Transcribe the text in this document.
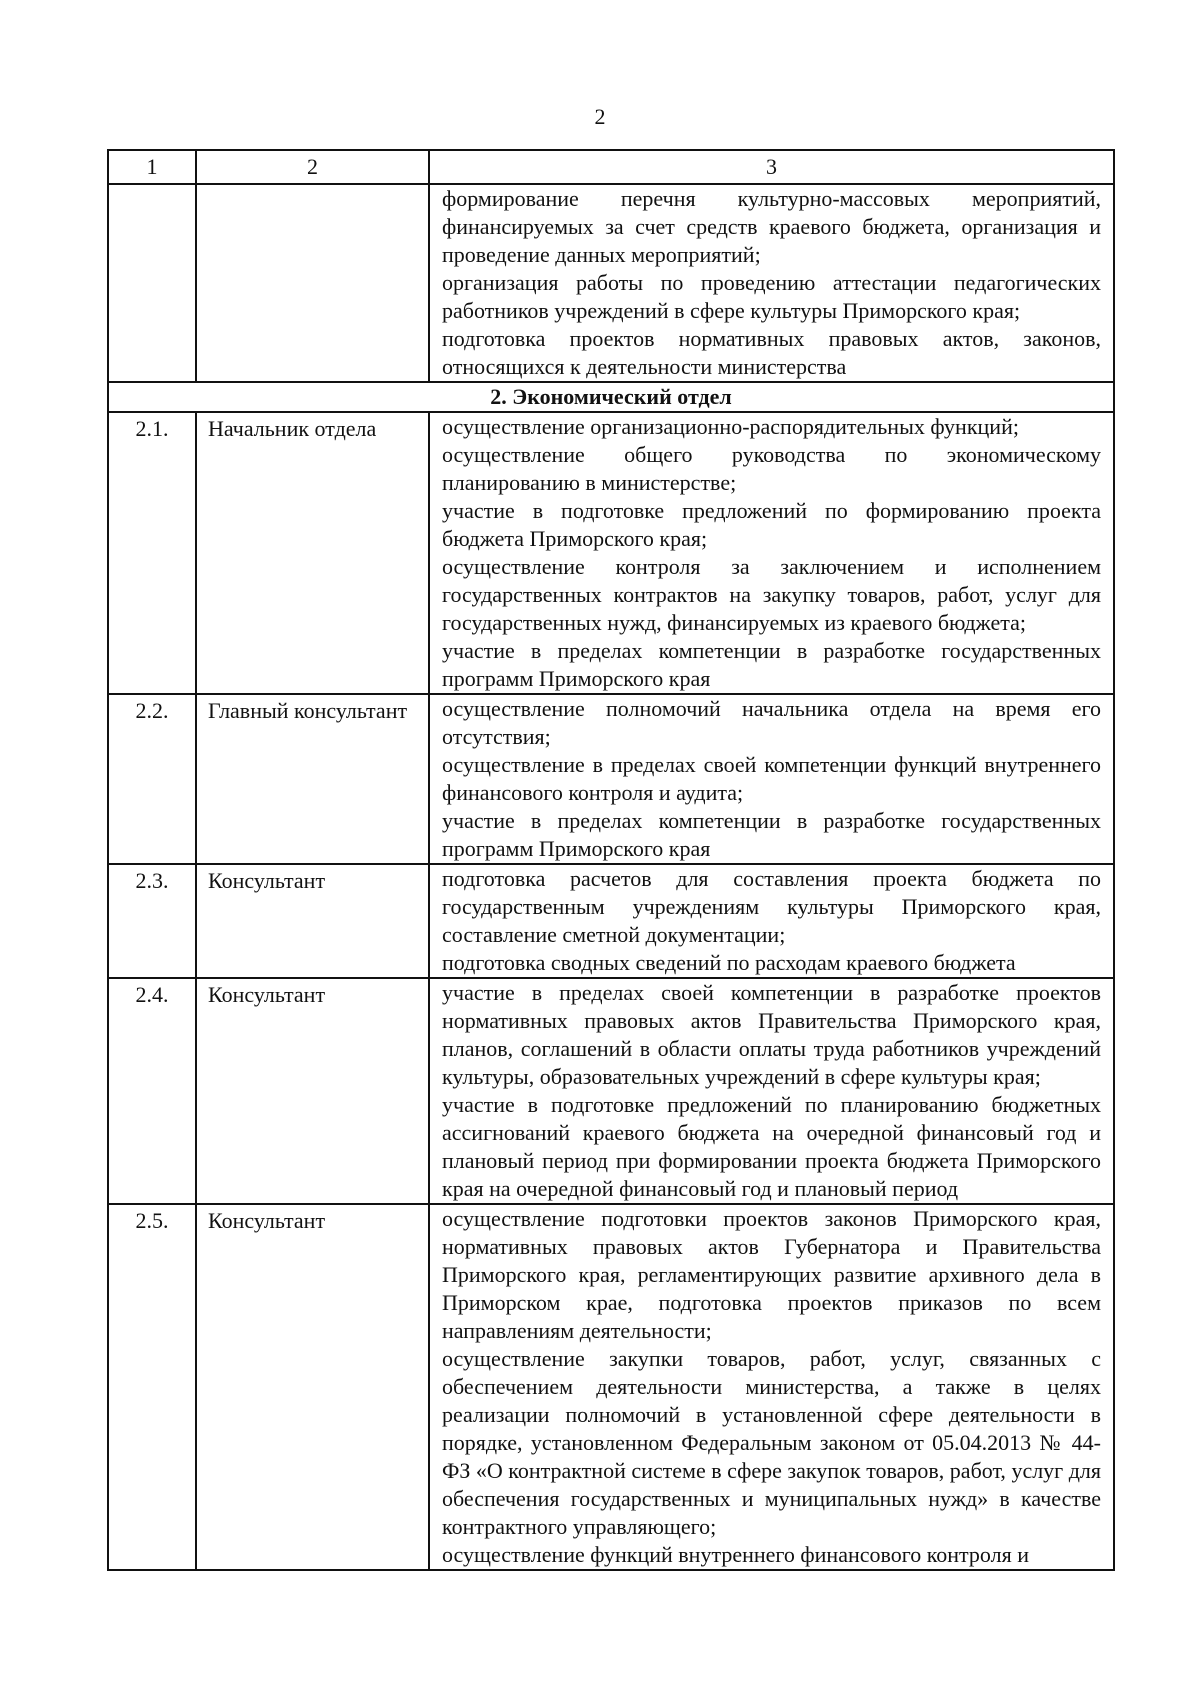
2
1	2	3

		формирование перечня культурно-массовых мероприятий, финансируемых за счет средств краевого бюджета, организация и проведение данных мероприятий;

организация работы по проведению аттестации педагогических работников учреждений в сфере культуры Приморского края;

подготовка проектов нормативных правовых актов, законов, относящихся к деятельности министерства

2. Экономический отдел		
2.1.	Начальник отдела	осуществление организационно-распорядительных функций;

осуществление общего руководства по экономическому планированию в министерстве;

участие в подготовке предложений по формированию проекта бюджета Приморского края;

осуществление контроля за заключением и исполнением государственных контрактов на закупку товаров, работ, услуг для государственных нужд, финансируемых из краевого бюджета;

участие в пределах компетенции в разработке государственных программ Приморского края

2.2.	Главный консультант	осуществление полномочий начальника отдела на время его отсутствия;

осуществление в пределах своей компетенции функций внутреннего финансового контроля и аудита;

участие в пределах компетенции в разработке государственных программ Приморского края

2.3.	Консультант	подготовка расчетов для составления проекта бюджета по государственным учреждениям культуры Приморского края, составление сметной документации;

подготовка сводных сведений по расходам краевого бюджета

2.4.	Консультант	участие в пределах своей компетенции в разработке проектов нормативных правовых актов Правительства Приморского края, планов, соглашений в области оплаты труда работников учреждений культуры, образовательных учреждений в сфере культуры края;

участие в подготовке предложений по планированию бюджетных ассигнований краевого бюджета на очередной финансовый год и плановый период при формировании проекта бюджета Приморского края на очередной финансовый год и плановый период

2.5.	Консультант	осуществление подготовки проектов законов Приморского края, нормативных правовых актов Губернатора и Правительства Приморского края, регламентирующих развитие архивного дела в Приморском крае, подготовка проектов приказов по всем направлениям деятельности;

осуществление закупки товаров, работ, услуг, связанных с обеспечением деятельности министерства, а также в целях реализации полномочий в установленной сфере деятельности в порядке, установленном Федеральным законом от 05.04.2013 № 44-ФЗ «О контрактной системе в сфере закупок товаров, работ, услуг для обеспечения государственных и муниципальных нужд» в качестве контрактного управляющего;

осуществление функций внутреннего финансового контроля и
